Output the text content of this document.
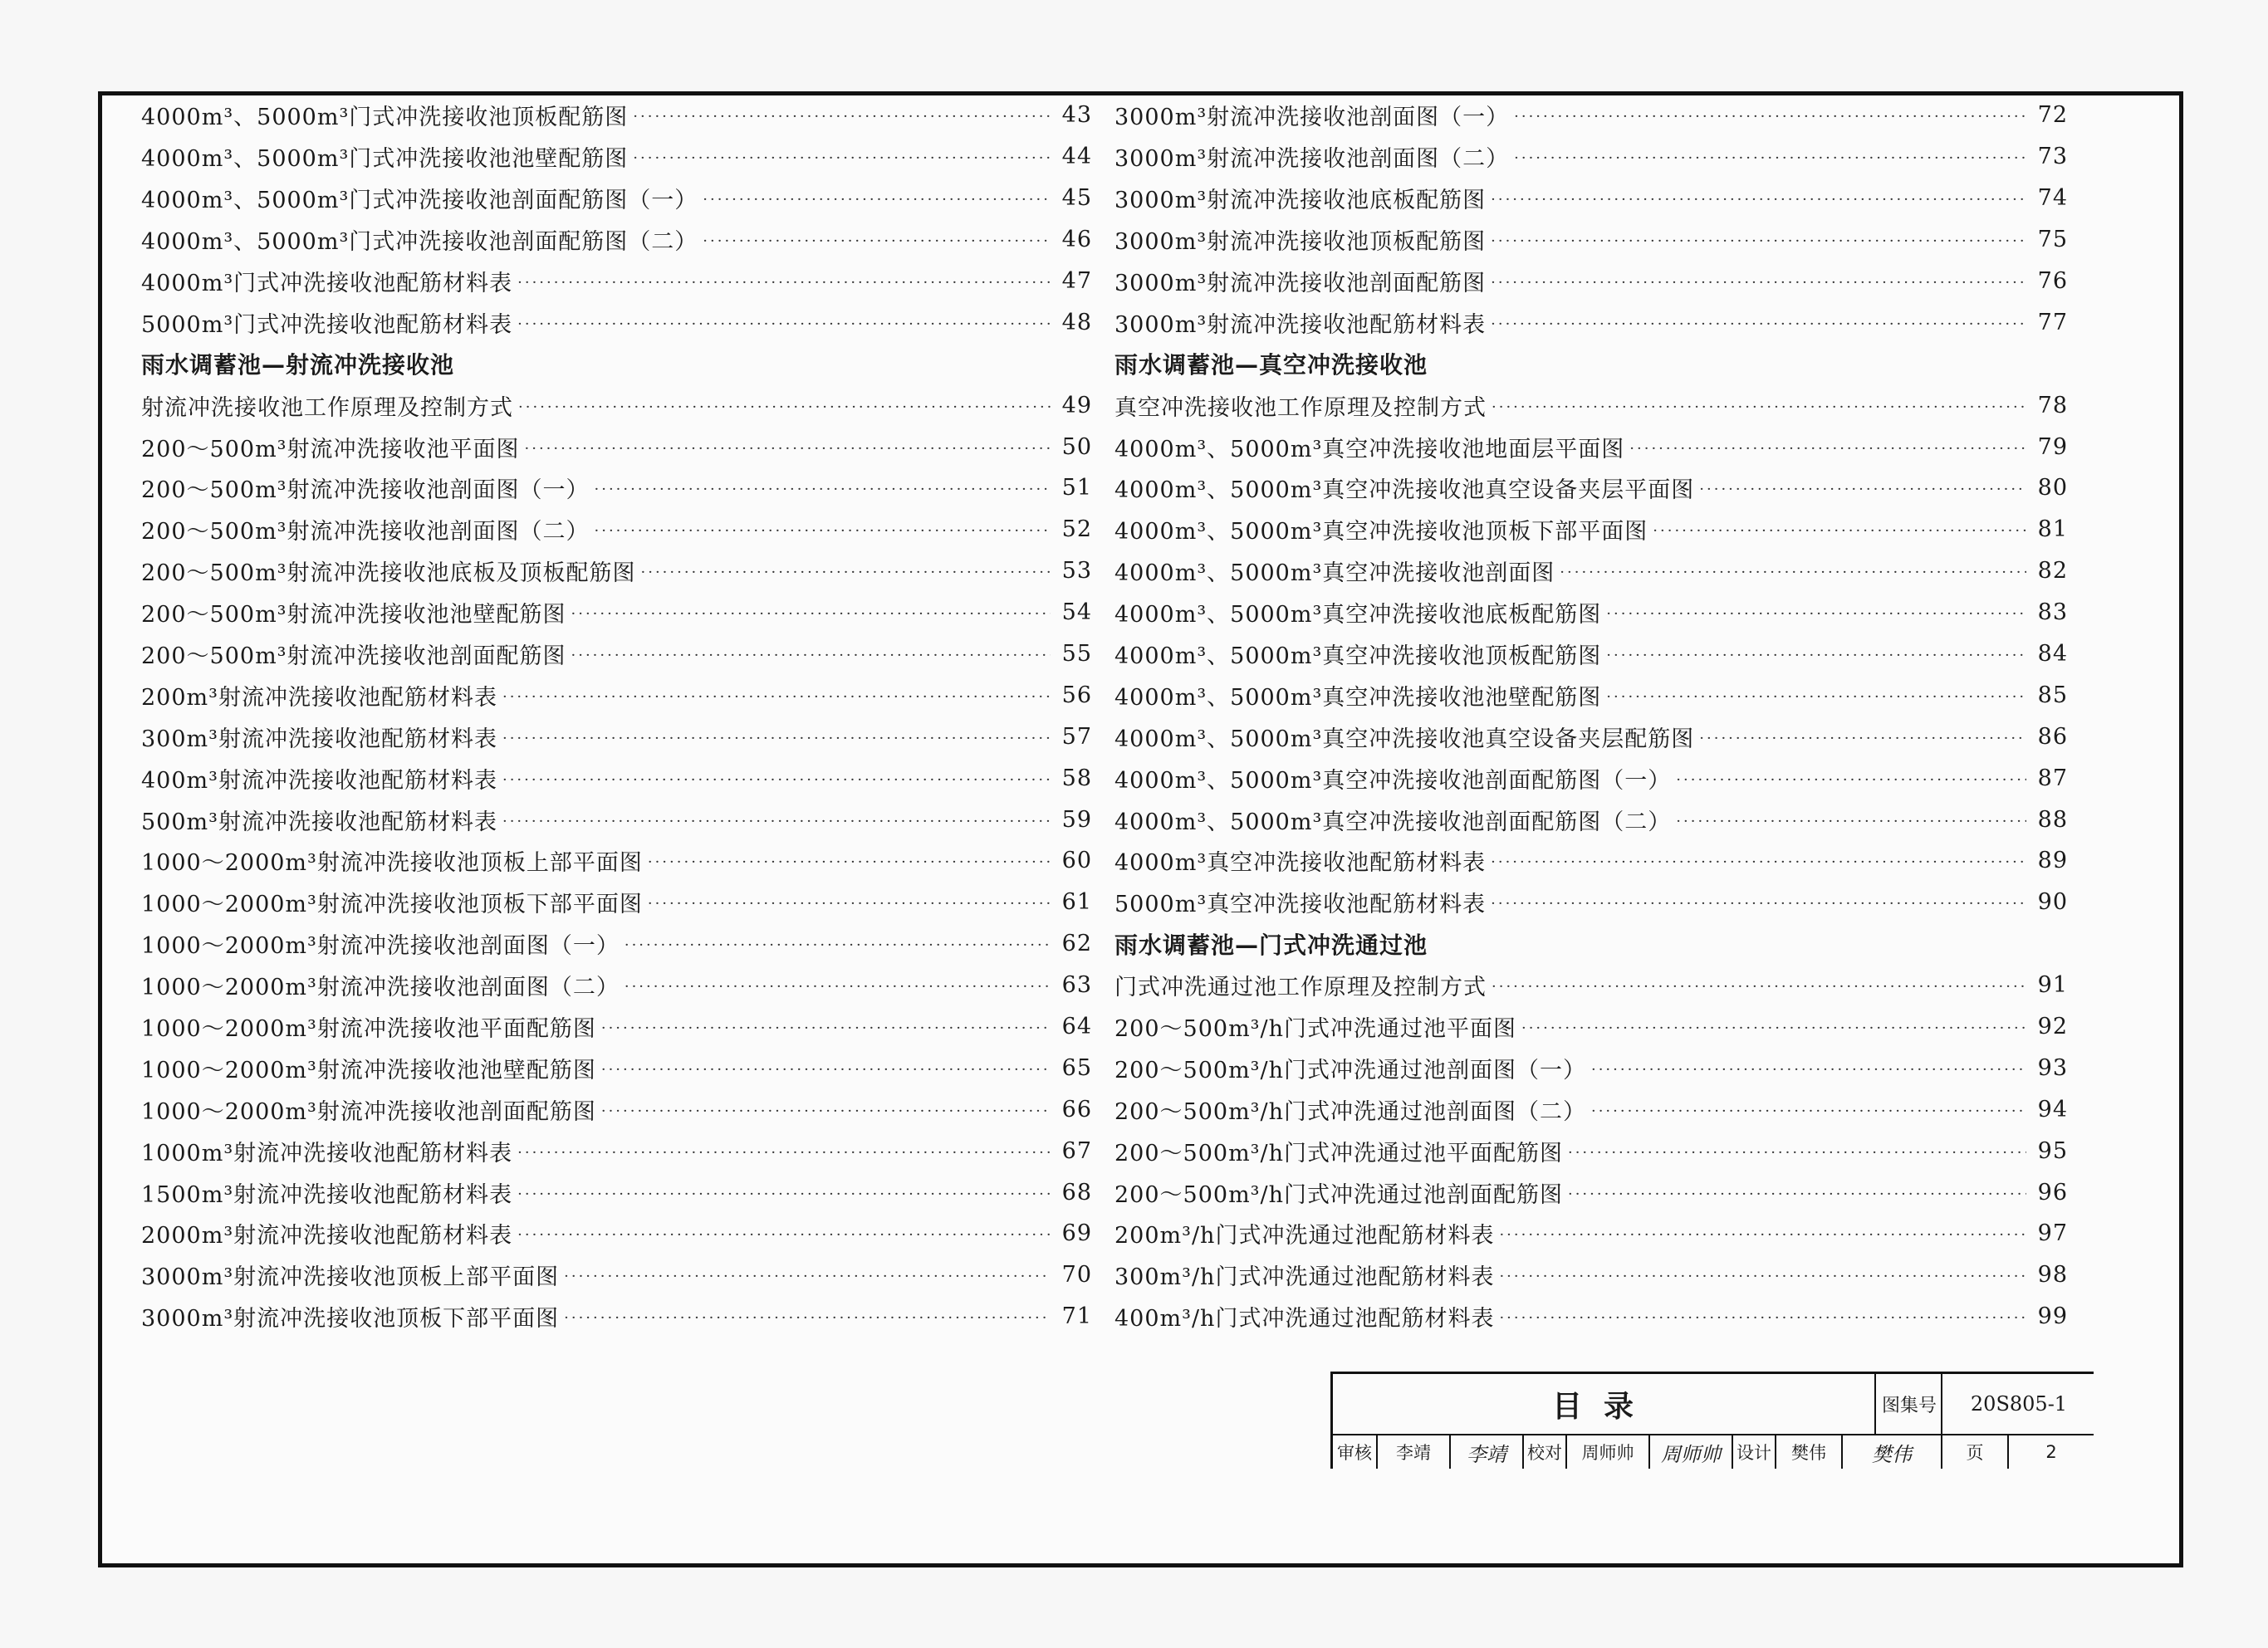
4000m³、5000m³门式冲洗接收池顶板配筋图 ·····	43
4000m³、5000m³门式冲洗接收池池壁配筋图 ·····	44
4000m³、5000m³门式冲洗接收池剖面配筋图（一） ·····	45
4000m³、5000m³门式冲洗接收池剖面配筋图（二） ·····	46
4000m³门式冲洗接收池配筋材料表 ·····	47
5000m³门式冲洗接收池配筋材料表 ·····	48
雨水调蓄池—射流冲洗接收池
射流冲洗接收池工作原理及控制方式 ·····	49
200～500m³射流冲洗接收池平面图 ·····	50
200～500m³射流冲洗接收池剖面图（一） ·····	51
200～500m³射流冲洗接收池剖面图（二） ·····	52
200～500m³射流冲洗接收池底板及顶板配筋图 ·····	53
200～500m³射流冲洗接收池池壁配筋图 ·····	54
200～500m³射流冲洗接收池剖面配筋图 ·····	55
200m³射流冲洗接收池配筋材料表 ·····	56
300m³射流冲洗接收池配筋材料表 ·····	57
400m³射流冲洗接收池配筋材料表 ·····	58
500m³射流冲洗接收池配筋材料表 ·····	59
1000～2000m³射流冲洗接收池顶板上部平面图 ·····	60
1000～2000m³射流冲洗接收池顶板下部平面图 ·····	61
1000～2000m³射流冲洗接收池剖面图（一） ·····	62
1000～2000m³射流冲洗接收池剖面图（二） ·····	63
1000～2000m³射流冲洗接收池平面配筋图 ·····	64
1000～2000m³射流冲洗接收池池壁配筋图 ·····	65
1000～2000m³射流冲洗接收池剖面配筋图 ·····	66
1000m³射流冲洗接收池配筋材料表 ·····	67
1500m³射流冲洗接收池配筋材料表 ·····	68
2000m³射流冲洗接收池配筋材料表 ·····	69
3000m³射流冲洗接收池顶板上部平面图 ·····	70
3000m³射流冲洗接收池顶板下部平面图 ·····	71
3000m³射流冲洗接收池剖面图（一） ·····	72
3000m³射流冲洗接收池剖面图（二） ·····	73
3000m³射流冲洗接收池底板配筋图 ·····	74
3000m³射流冲洗接收池顶板配筋图 ·····	75
3000m³射流冲洗接收池剖面配筋图 ·····	76
3000m³射流冲洗接收池配筋材料表 ·····	77
雨水调蓄池—真空冲洗接收池
真空冲洗接收池工作原理及控制方式 ·····	78
4000m³、5000m³真空冲洗接收池地面层平面图 ·····	79
4000m³、5000m³真空冲洗接收池真空设备夹层平面图 ·····	80
4000m³、5000m³真空冲洗接收池顶板下部平面图 ·····	81
4000m³、5000m³真空冲洗接收池剖面图 ·····	82
4000m³、5000m³真空冲洗接收池底板配筋图 ·····	83
4000m³、5000m³真空冲洗接收池顶板配筋图 ·····	84
4000m³、5000m³真空冲洗接收池池壁配筋图 ·····	85
4000m³、5000m³真空冲洗接收池真空设备夹层配筋图 ·····	86
4000m³、5000m³真空冲洗接收池剖面配筋图（一） ·····	87
4000m³、5000m³真空冲洗接收池剖面配筋图（二） ·····	88
4000m³真空冲洗接收池配筋材料表 ·····	89
5000m³真空冲洗接收池配筋材料表 ·····	90
雨水调蓄池—门式冲洗通过池
门式冲洗通过池工作原理及控制方式 ·····	91
200～500m³/h门式冲洗通过池平面图 ·····	92
200～500m³/h门式冲洗通过池剖面图（一） ·····	93
200～500m³/h门式冲洗通过池剖面图（二） ·····	94
200～500m³/h门式冲洗通过池平面配筋图 ·····	95
200～500m³/h门式冲洗通过池剖面配筋图 ·····	96
200m³/h门式冲洗通过池配筋材料表 ·····	97
300m³/h门式冲洗通过池配筋材料表 ·····	98
400m³/h门式冲洗通过池配筋材料表 ·····	99
目录	图集号	20S805-1
审核	李靖	李靖	校对	周师帅	周师帅 设计	樊伟	樊伟	页	2
